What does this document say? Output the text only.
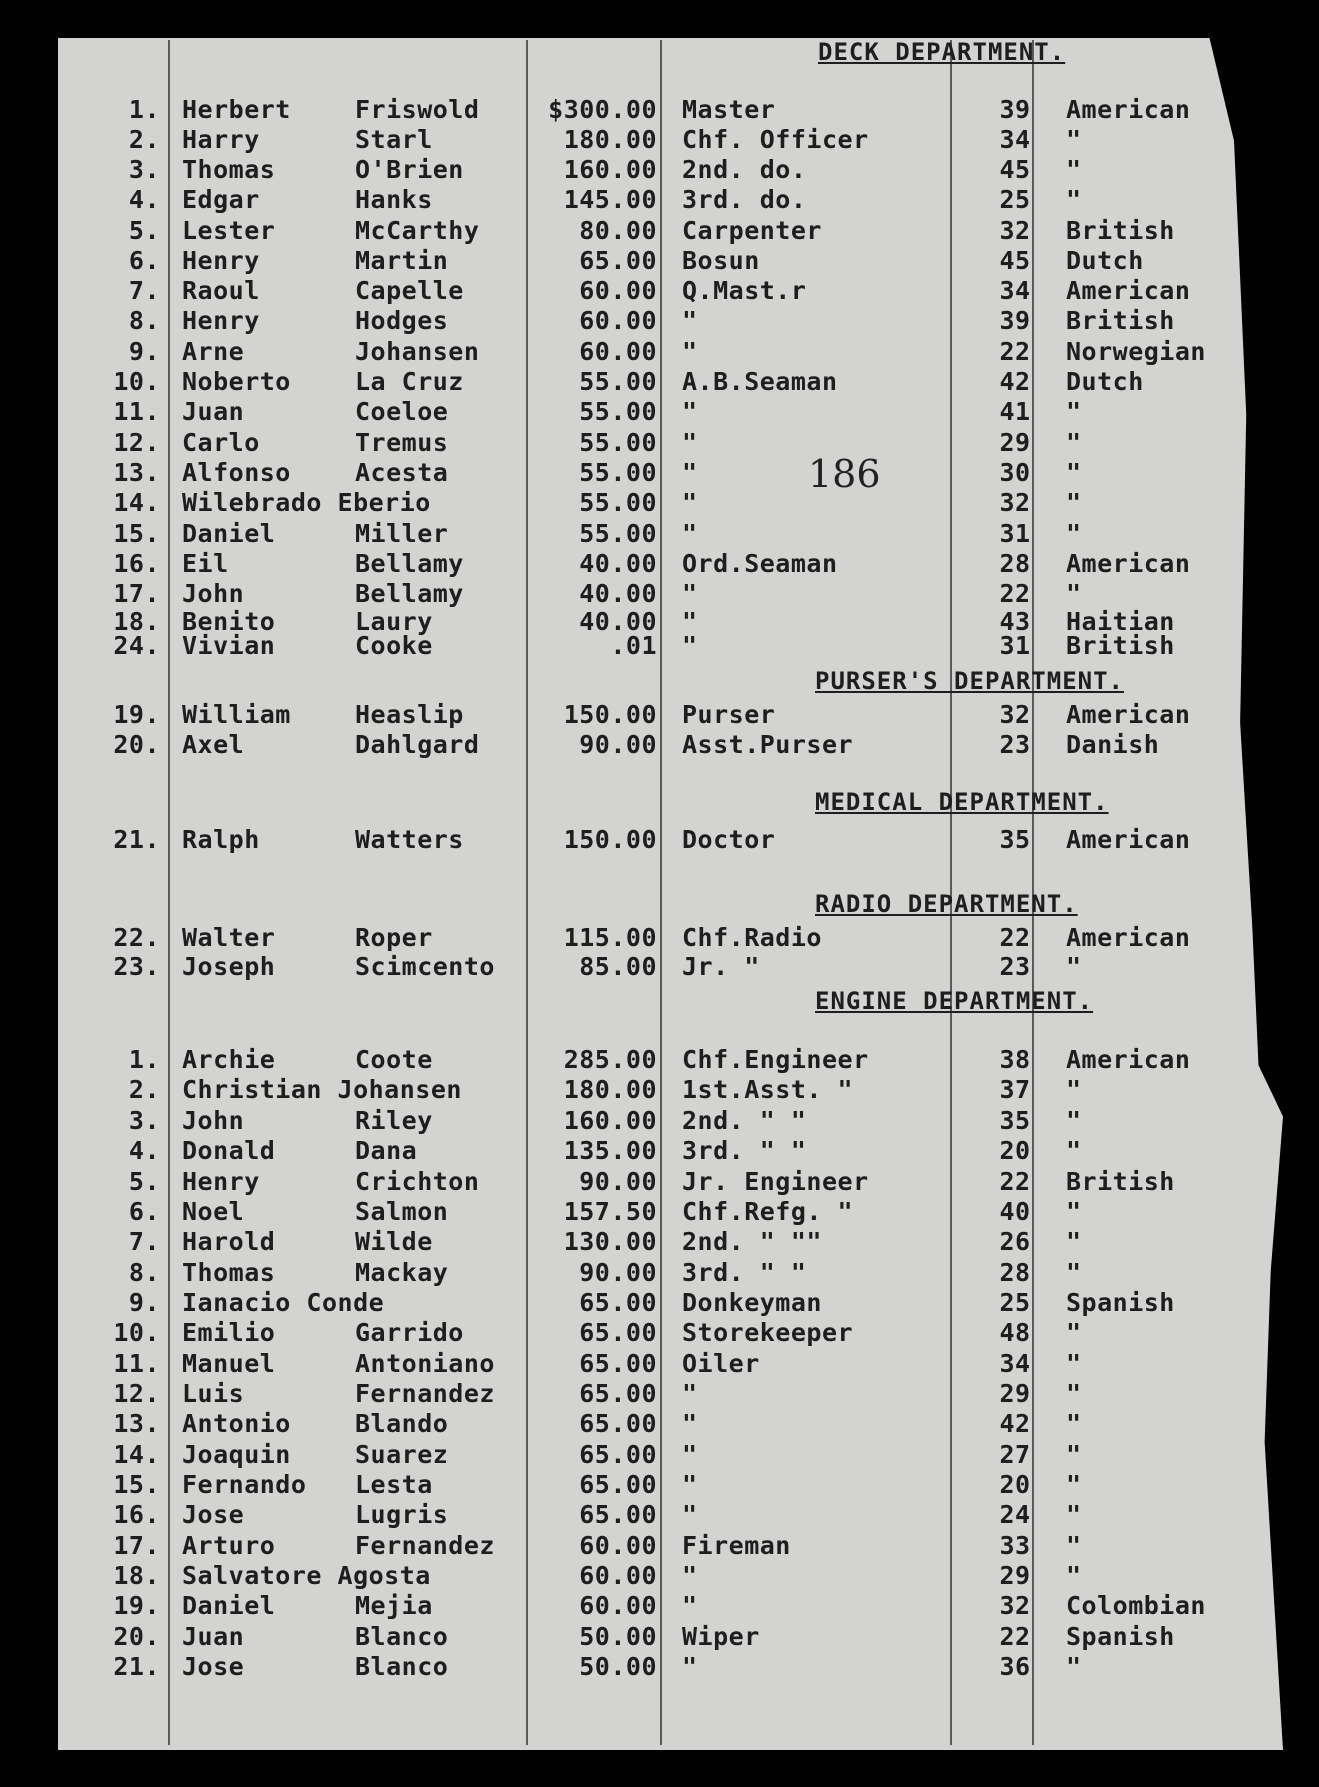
186
DECK DEPARTMENT.
1. Herbert	Friswold	$300.00 Master	39	American
2. Harry	Starl	180.00 Chf. Officer	34	"
3. Thomas	O'Brien	160.00 2nd. do.	45	"
4. Edgar	Hanks	145.00 3rd. do.	25	"
5. Lester	McCarthy	80.00 Carpenter	32	British
6. Henry	Martin	65.00 Bosun	45	Dutch
7. Raoul	Capelle	60.00 Q.Mast.r	34	American
8. Henry	Hodges	60.00 "	39	British
9. Arne	Johansen	60.00 "	22	Norwegian
10. Noberto	La Cruz	55.00 A.B.Seaman	42	Dutch
11. Juan	Coeloe	55.00 "	41	"
12. Carlo	Tremus	55.00 "	29	"
13. Alfonso	Acesta	55.00 "	30	"
14. Wilebrado Eberio	55.00 "	32	"
15. Daniel	Miller	55.00 "	31	"
16. Eil	Bellamy	40.00 Ord.Seaman	28	American
17. John	Bellamy	40.00 "	22	"
18. Benito	Laury	40.00 "	43	Haitian
24. Vivian	Cooke	.01 "	31	British
PURSER'S DEPARTMENT.
19. William	Heaslip	150.00 Purser	32	American
20. Axel	Dahlgard	90.00 Asst.Purser	23	Danish
MEDICAL DEPARTMENT.
21. Ralph	Watters	150.00 Doctor	35	American
RADIO DEPARTMENT.
22. Walter	Roper	115.00 Chf.Radio	22	American
23. Joseph	Scimcento	85.00 Jr. "	23	"
ENGINE DEPARTMENT.
1. Archie	Coote	285.00 Chf.Engineer	38	American
2. Christian Johansen	180.00 1st.Asst. "	37	"
3. John	Riley	160.00 2nd. " "	35	"
4. Donald	Dana	135.00 3rd. " "	20	"
5. Henry	Crichton	90.00 Jr. Engineer	22	British
6. Noel	Salmon	157.50 Chf.Refg. "	40	"
7. Harold	Wilde	130.00 2nd. " ""	26	"
8. Thomas	Mackay	90.00 3rd. " "	28	"
9. Ianacio Conde	65.00 Donkeyman	25	Spanish
10. Emilio	Garrido	65.00 Storekeeper	48	"
11. Manuel	Antoniano	65.00 Oiler	34	"
12. Luis	Fernandez	65.00 "	29	"
13. Antonio	Blando	65.00 "	42	"
14. Joaquin	Suarez	65.00 "	27	"
15. Fernando Lesta	65.00 "	20	"
16. Jose	Lugris	65.00 "	24	"
17. Arturo	Fernandez	60.00 Fireman	33	"
18. Salvatore Agosta	60.00 "	29	"
19. Daniel	Mejia	60.00 "	32	Colombian
20. Juan	Blanco	50.00 Wiper	22	Spanish
21. Jose	Blanco	50.00 "	36	"
